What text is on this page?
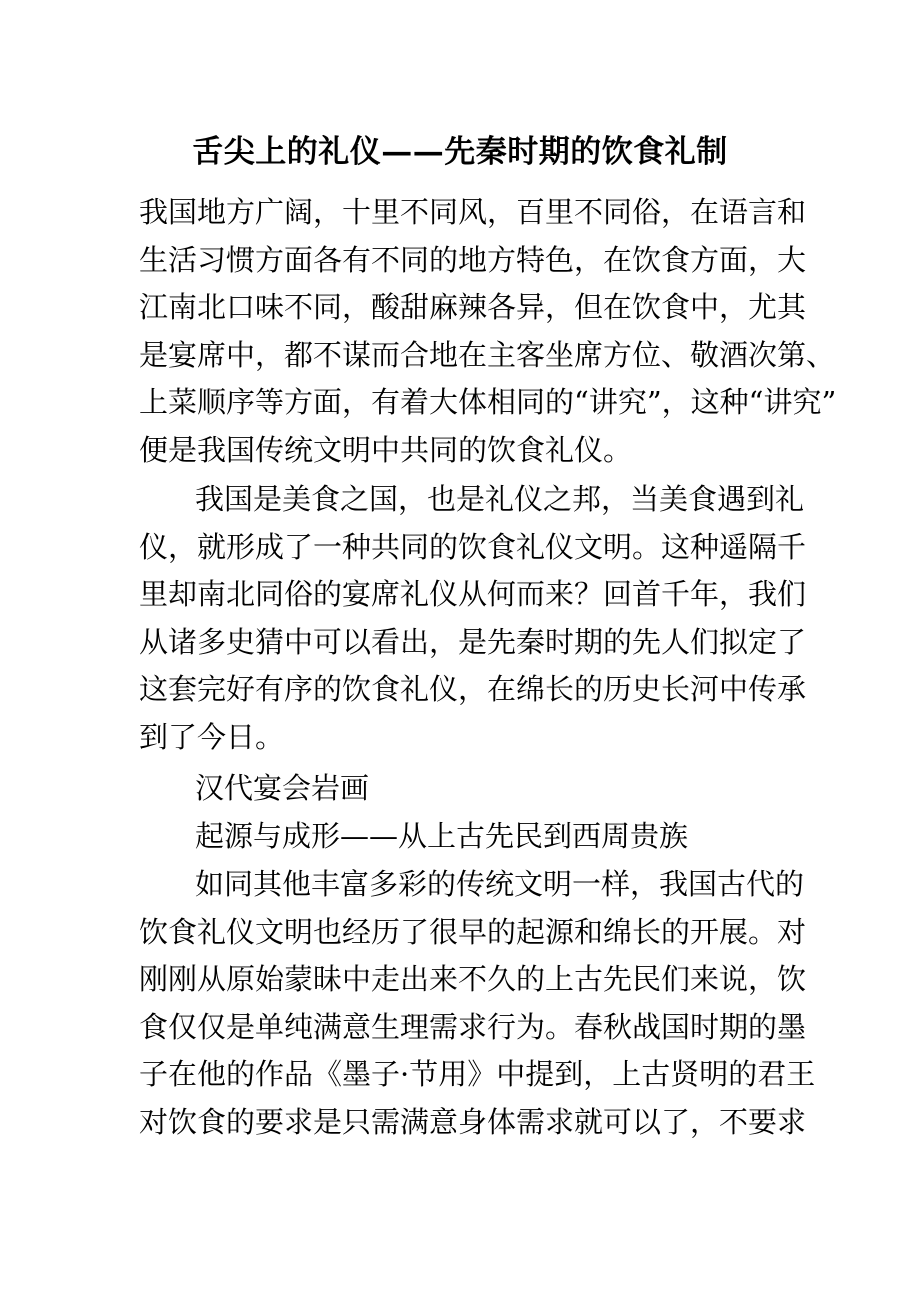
舌尖上的礼仪——先秦时期的饮食礼制
我国地方广阔，十里不同风，百里不同俗，在语言和
生活习惯方面各有不同的地方特色，在饮食方面，大
江南北口味不同，酸甜麻辣各异，但在饮食中，尤其
是宴席中，都不谋而合地在主客坐席方位、敬酒次第、
上菜顺序等方面，有着大体相同的“讲究”，这种“讲究”
便是我国传统文明中共同的饮食礼仪。
我国是美食之国，也是礼仪之邦，当美食遇到礼
仪，就形成了一种共同的饮食礼仪文明。这种遥隔千
里却南北同俗的宴席礼仪从何而来？回首千年，我们
从诸多史猜中可以看出，是先秦时期的先人们拟定了
这套完好有序的饮食礼仪，在绵长的历史长河中传承
到了今日。
汉代宴会岩画
起源与成形——从上古先民到西周贵族
如同其他丰富多彩的传统文明一样，我国古代的
饮食礼仪文明也经历了很早的起源和绵长的开展。对
刚刚从原始蒙昧中走出来不久的上古先民们来说，饮
食仅仅是单纯满意生理需求行为。春秋战国时期的墨
子在他的作品《墨子·节用》中提到，上古贤明的君王
对饮食的要求是只需满意身体需求就可以了，不要求
